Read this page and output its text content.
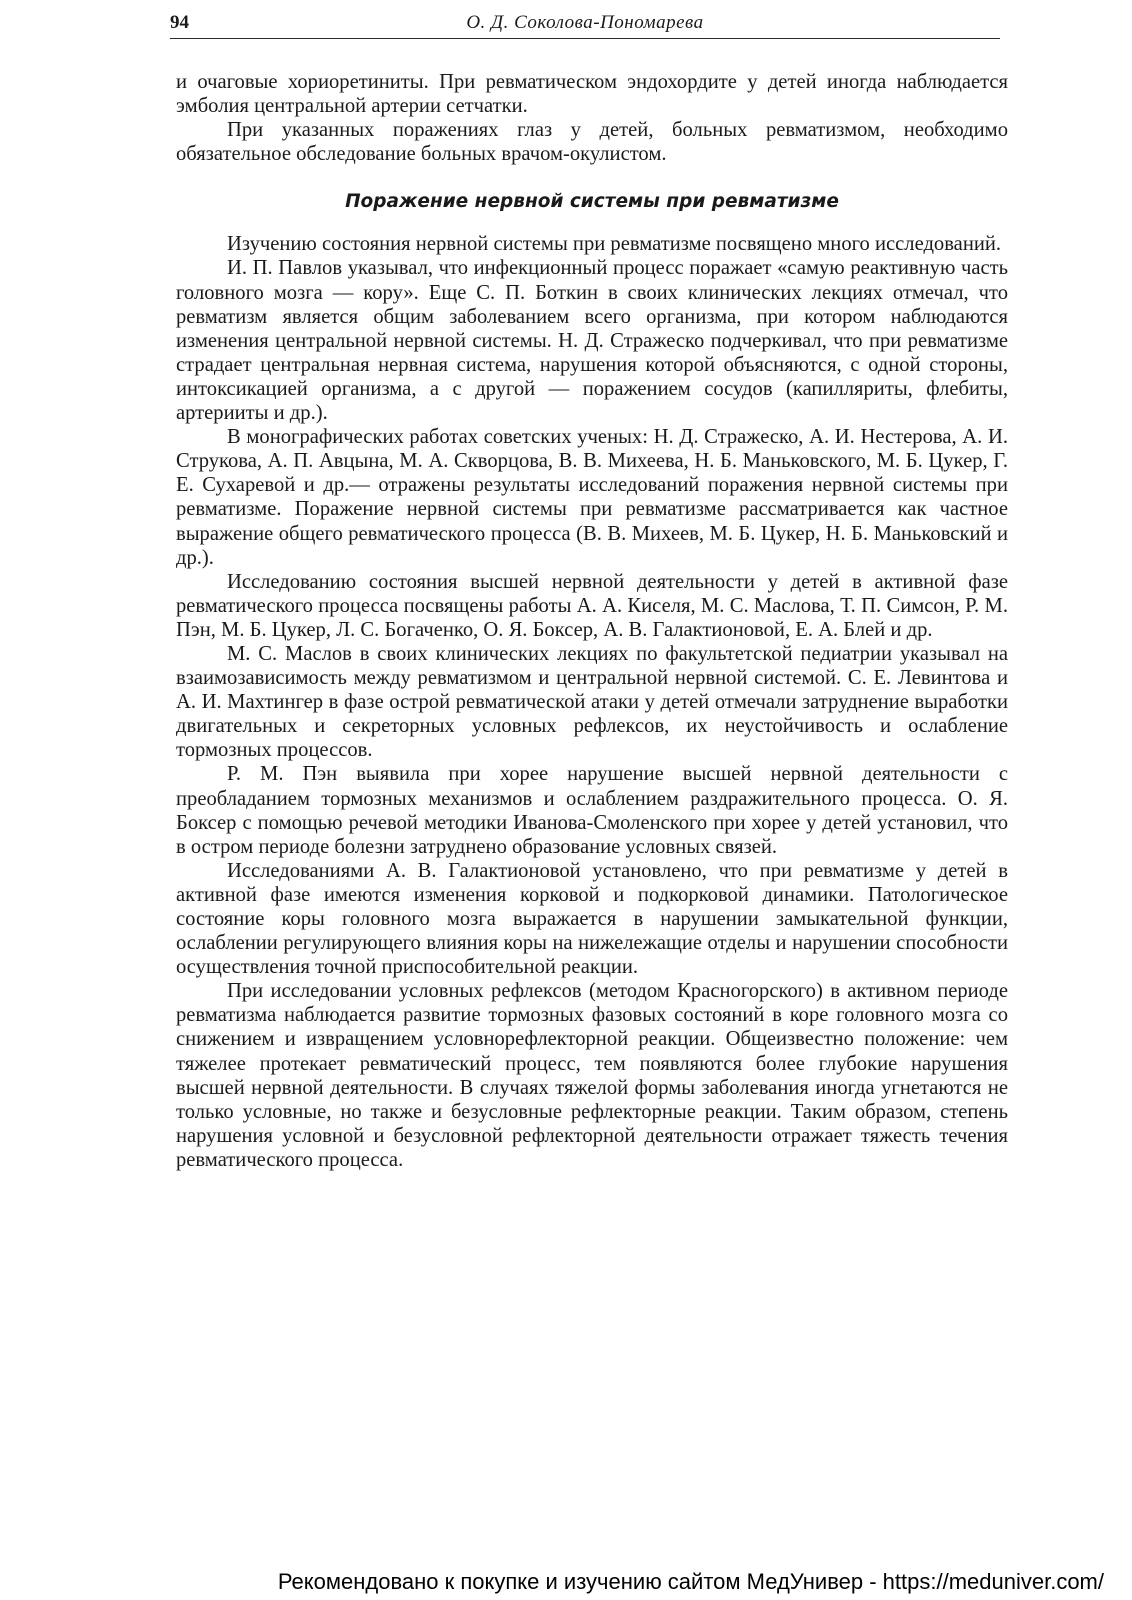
94	О. Д. Соколова-Пономарева

и очаговые хориоретиниты. При ревматическом эндохордите у детей иногда наблюдается эмболия центральной артерии сетчатки.

При указанных поражениях глаз у детей, больных ревматизмом, необходимо обязательное обследование больных врачом-окулистом.

Поражение нервной системы при ревматизме

Изучению состояния нервной системы при ревматизме посвящено много исследований.

И. П. Павлов указывал, что инфекционный процесс поражает «самую реактивную часть головного мозга — кору». Еще С. П. Боткин в своих клинических лекциях отмечал, что ревматизм является общим заболеванием всего организма, при котором наблюдаются изменения центральной нервной системы. Н. Д. Стражеско подчеркивал, что при ревматизме страдает центральная нервная система, нарушения которой объясняются, с одной стороны, интоксикацией организма, а с другой — поражением сосудов (капилляриты, флебиты, артерииты и др.).

В монографических работах советских ученых: Н. Д. Стражеско, А. И. Нестерова, А. И. Струкова, А. П. Авцына, М. А. Скворцова, В. В. Михеева, Н. Б. Маньковского, М. Б. Цукер, Г. Е. Сухаревой и др.— отражены результаты исследований поражения нервной системы при ревматизме. Поражение нервной системы при ревматизме рассматривается как частное выражение общего ревматического процесса (В. В. Михеев, М. Б. Цукер, Н. Б. Маньковский и др.).

Исследованию состояния высшей нервной деятельности у детей в активной фазе ревматического процесса посвящены работы А. А. Киселя, М. С. Маслова, Т. П. Симсон, Р. М. Пэн, М. Б. Цукер, Л. С. Богаченко, О. Я. Боксер, А. В. Галактионовой, Е. А. Блей и др.

М. С. Маслов в своих клинических лекциях по факультетской педиатрии указывал на взаимозависимость между ревматизмом и центральной нервной системой. С. Е. Левинтова и А. И. Махтингер в фазе острой ревматической атаки у детей отмечали затруднение выработки двигательных и секреторных условных рефлексов, их неустойчивость и ослабление тормозных процессов.

Р. М. Пэн выявила при хорее нарушение высшей нервной деятельности с преобладанием тормозных механизмов и ослаблением раздражительного процесса. О. Я. Боксер с помощью речевой методики Иванова-Смоленского при хорее у детей установил, что в остром периоде болезни затруднено образование условных связей.

Исследованиями А. В. Галактионовой установлено, что при ревматизме у детей в активной фазе имеются изменения корковой и подкорковой динамики. Патологическое состояние коры головного мозга выражается в нарушении замыкательной функции, ослаблении регулирующего влияния коры на нижележащие отделы и нарушении способности осуществления точной приспособительной реакции.

При исследовании условных рефлексов (методом Красногорского) в активном периоде ревматизма наблюдается развитие тормозных фазовых состояний в коре головного мозга со снижением и извращением условнорефлекторной реакции. Общеизвестно положение: чем тяжелее протекает ревматический процесс, тем появляются более глубокие нарушения высшей нервной деятельности. В случаях тяжелой формы заболевания иногда угнетаются не только условные, но также и безусловные рефлекторные реакции. Таким образом, степень нарушения условной и безусловной рефлекторной деятельности отражает тяжесть течения ревматического процесса.

Рекомендовано к покупке и изучению сайтом МедУнивер - https://meduniver.com/
